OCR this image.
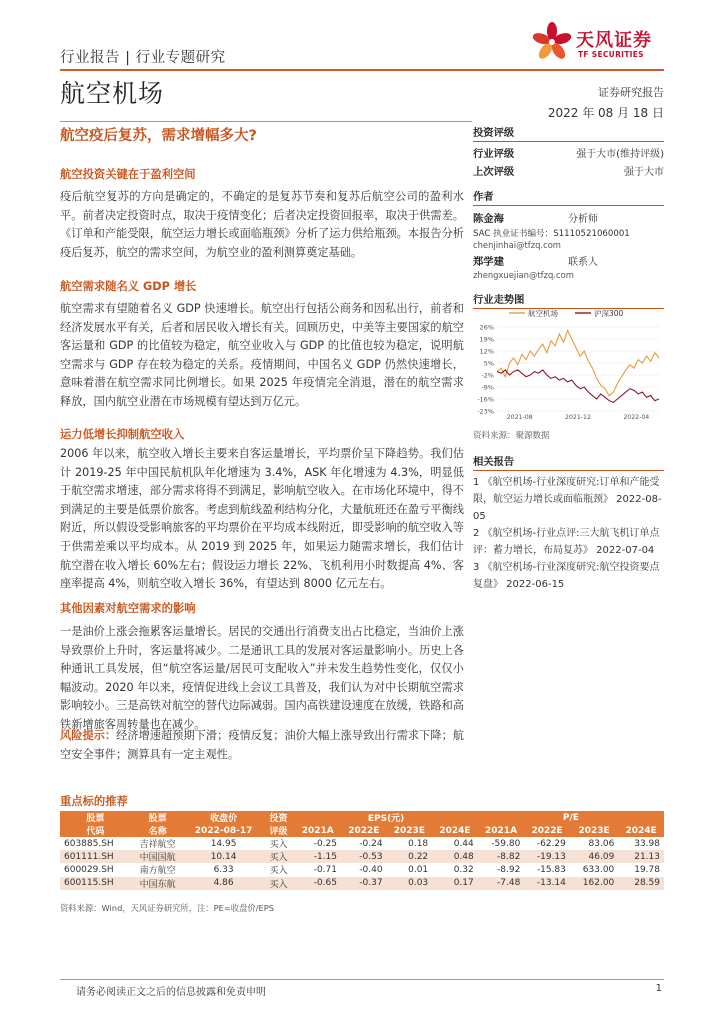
行业报告 | 行业专题研究
天风证券
TF SECURITIES
航空机场	证券研究报告
2022 年 08 月 18 日
航空疫后复苏，需求增幅多大?
航空投资关键在于盈利空间
疫后航空复苏的方向是确定的，不确定的是复苏节奏和复苏后航空公司的盈利水平。前者决定投资时点，取决于疫情变化；后者决定投资回报率，取决于供需差。《订单和产能受限，航空运力增长或面临瓶颈》分析了运力供给瓶颈。本报告分析疫后复苏，航空的需求空间，为航空业的盈利测算奠定基础。
航空需求随名义 GDP 增长
航空需求有望随着名义 GDP 快速增长。航空出行包括公商务和因私出行，前者和经济发展水平有关，后者和居民收入增长有关。回顾历史，中美等主要国家的航空客运量和 GDP 的比值较为稳定，航空业收入与 GDP 的比值也较为稳定，说明航空需求与 GDP 存在较为稳定的关系。疫情期间，中国名义 GDP 仍然快速增长，意味着潜在航空需求同比例增长。如果 2025 年疫情完全消退，潜在的航空需求释放，国内航空业潜在市场规模有望达到万亿元。
运力低增长抑制航空收入
2006 年以来，航空收入增长主要来自客运量增长，平均票价呈下降趋势。我们估计 2019-25 年中国民航机队年化增速为 3.4%，ASK 年化增速为 4.3%，明显低于航空需求增速，部分需求将得不到满足，影响航空收入。在市场化环境中，得不到满足的主要是低票价旅客。考虑到航线盈利结构分化，大量航班还在盈亏平衡线附近，所以假设受影响旅客的平均票价在平均成本线附近，即受影响的航空收入等于供需差乘以平均成本。从 2019 到 2025 年，如果运力随需求增长，我们估计航空潜在收入增长 60%左右；假设运力增长 22%、飞机利用小时数提高 4%、客座率提高 4%，则航空收入增长 36%，有望达到 8000 亿元左右。
其他因素对航空需求的影响
一是油价上涨会拖累客运量增长。居民的交通出行消费支出占比稳定，当油价上涨导致票价上升时，客运量将减少。二是通讯工具的发展对客运量影响小。历史上各种通讯工具发展，但“航空客运量/居民可支配收入”并未发生趋势性变化，仅仅小幅波动。2020 年以来，疫情促进线上会议工具普及，我们认为对中长期航空需求影响较小。三是高铁对航空的替代边际减弱。国内高铁建设速度在放缓，铁路和高铁新增旅客周转量也在减少。
风险提示：经济增速超预期下滑；疫情反复；油价大幅上涨导致出行需求下降；航空安全事件；测算具有一定主观性。
投资评级
行业评级	强于大市(维持评级)
上次评级	强于大市
作者
陈金海	分析师
SAC 执业证书编号：S1110521060001
chenjinhai@tfzq.com
郑学建	联系人
zhengxuejian@tfzq.com
行业走势图
航空机场	沪深300
26%
19%
12%
5%
-2%
-9%
-16%
-23%
2021-08	2021-12	2022-04
资料来源：聚源数据
相关报告
1 《航空机场-行业深度研究:订单和产能受限，航空运力增长或面临瓶颈》 2022-08-05
2 《航空机场-行业点评:三大航飞机订单点评：蓄力增长，布局复苏》 2022-07-04
3 《航空机场-行业深度研究:航空投资要点复盘》 2022-06-15
重点标的推荐
股票	股票	收盘价	投资	EPS(元)				P/E			
代码	名称	2022-08-17	评级	2021A	2022E	2023E	2024E	2021A	2022E	2023E	2024E
603885.SH	吉祥航空	14.95	买入	-0.25	-0.24	0.18	0.44	-59.80	-62.29	83.06	33.98
601111.SH	中国国航	10.14	买入	-1.15	-0.53	0.22	0.48	-8.82	-19.13	46.09	21.13
600029.SH	南方航空	6.33	买入	-0.71	-0.40	0.01	0.32	-8.92	-15.83	633.00	19.78
600115.SH	中国东航	4.86	买入	-0.65	-0.37	0.03	0.17	-7.48	-13.14	162.00	28.59
资料来源：Wind，天风证券研究所，注：PE=收盘价/EPS
请务必阅读正文之后的信息披露和免责申明	1
